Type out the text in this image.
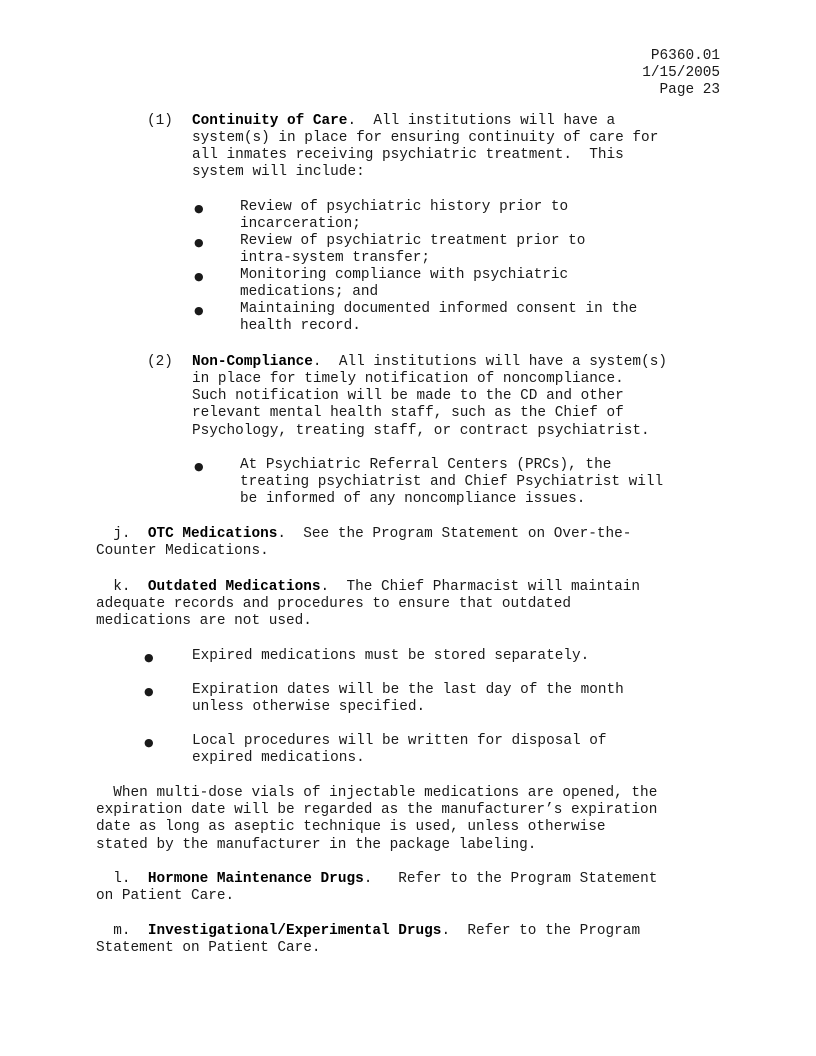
P6360.01
1/15/2005
Page 23
(1) Continuity of Care.  All institutions will have a
system(s) in place for ensuring continuity of care for
all inmates receiving psychiatric treatment.  This
system will include:
●
Review of psychiatric history prior to
incarceration;
●
Review of psychiatric treatment prior to
intra-system transfer;
●
Monitoring compliance with psychiatric
medications; and
●
Maintaining documented informed consent in the
health record.
(2) Non-Compliance.  All institutions will have a system(s)
in place for timely notification of noncompliance.
Such notification will be made to the CD and other
relevant mental health staff, such as the Chief of
Psychology, treating staff, or contract psychiatrist.
●
At Psychiatric Referral Centers (PRCs), the
treating psychiatrist and Chief Psychiatrist will
be informed of any noncompliance issues.
j.  OTC Medications.  See the Program Statement on Over-the-
Counter Medications.
k.  Outdated Medications.  The Chief Pharmacist will maintain
adequate records and procedures to ensure that outdated
medications are not used.
●
Expired medications must be stored separately.
●
Expiration dates will be the last day of the month
unless otherwise specified.
●
Local procedures will be written for disposal of
expired medications.
When multi-dose vials of injectable medications are opened, the
expiration date will be regarded as the manufacturer’s expiration
date as long as aseptic technique is used, unless otherwise
stated by the manufacturer in the package labeling.
l.  Hormone Maintenance Drugs.   Refer to the Program Statement
on Patient Care.
m.  Investigational/Experimental Drugs.  Refer to the Program
Statement on Patient Care.
